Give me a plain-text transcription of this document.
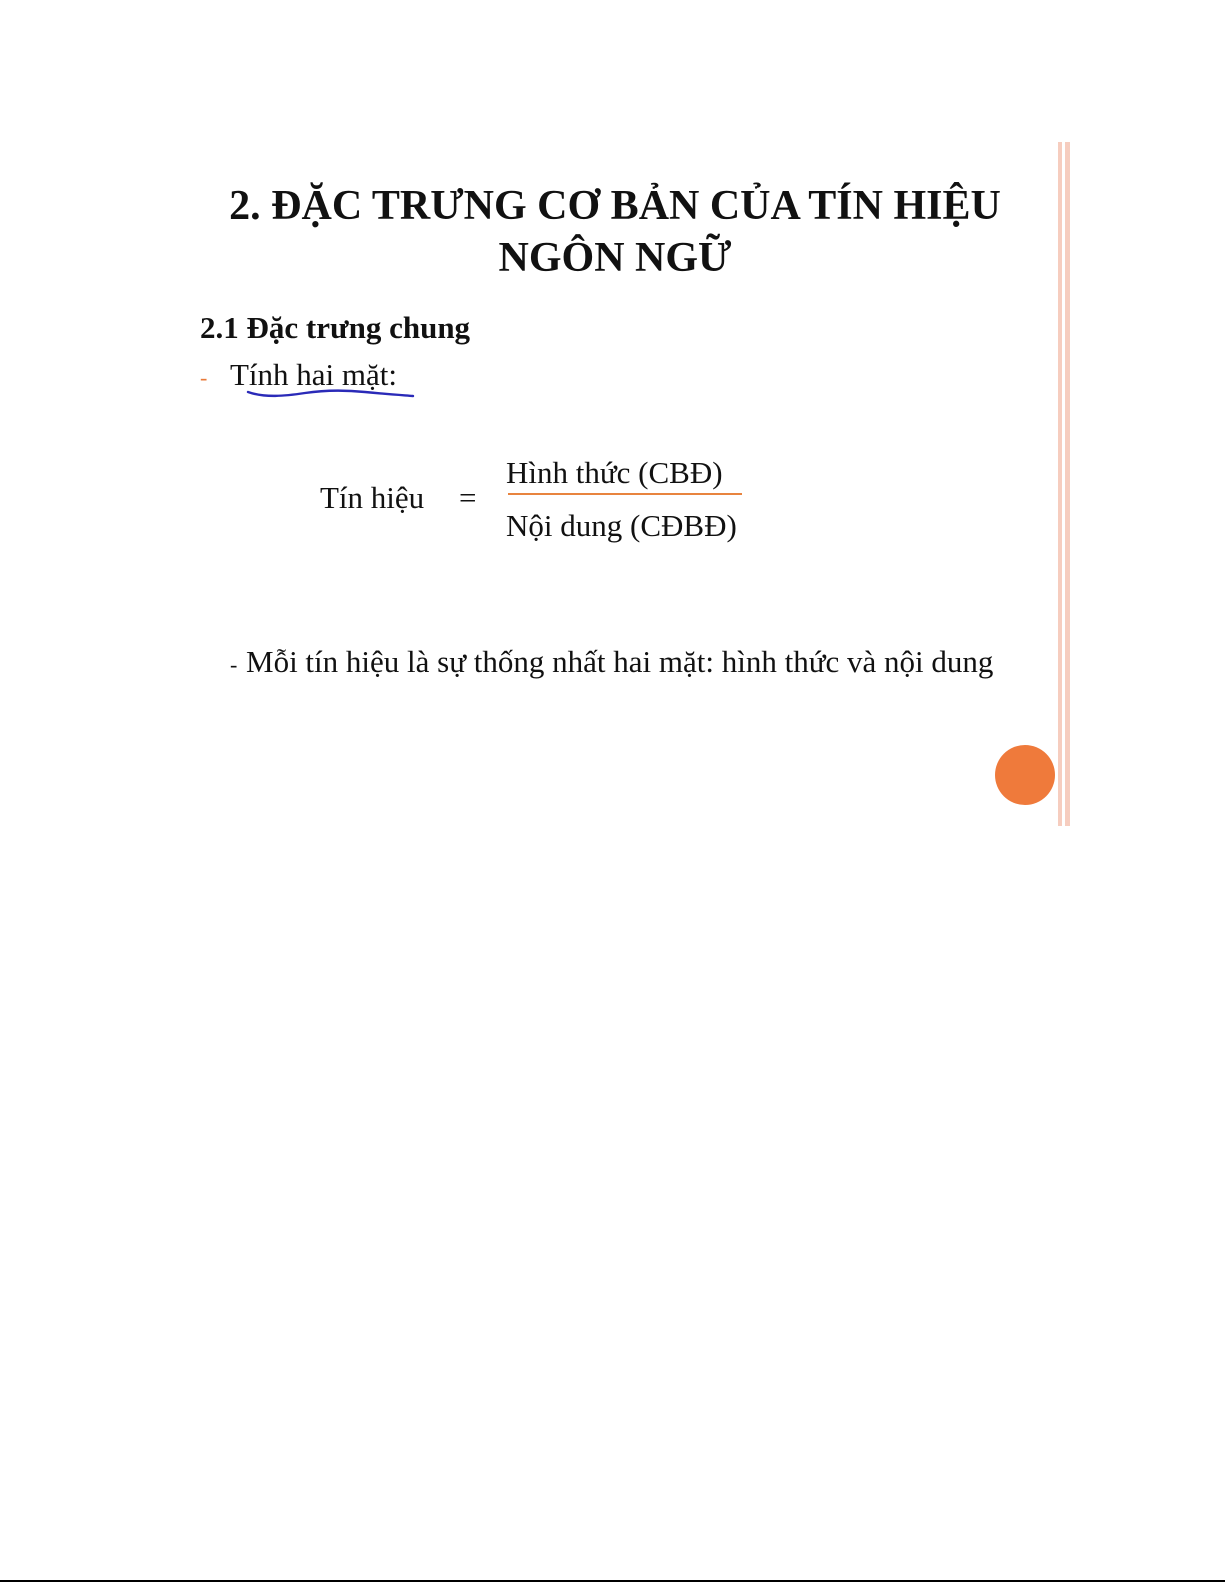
2. ĐẶC TRƯNG CƠ BẢN CỦA TÍN HIỆU
NGÔN NGỮ
2.1 Đặc trưng chung
- Tính hai mặt:
Tín hiệu =
Hình thức (CBĐ)
Nội dung (CĐBĐ)
- Mỗi tín hiệu là sự thống nhất hai mặt: hình thức và nội dung
